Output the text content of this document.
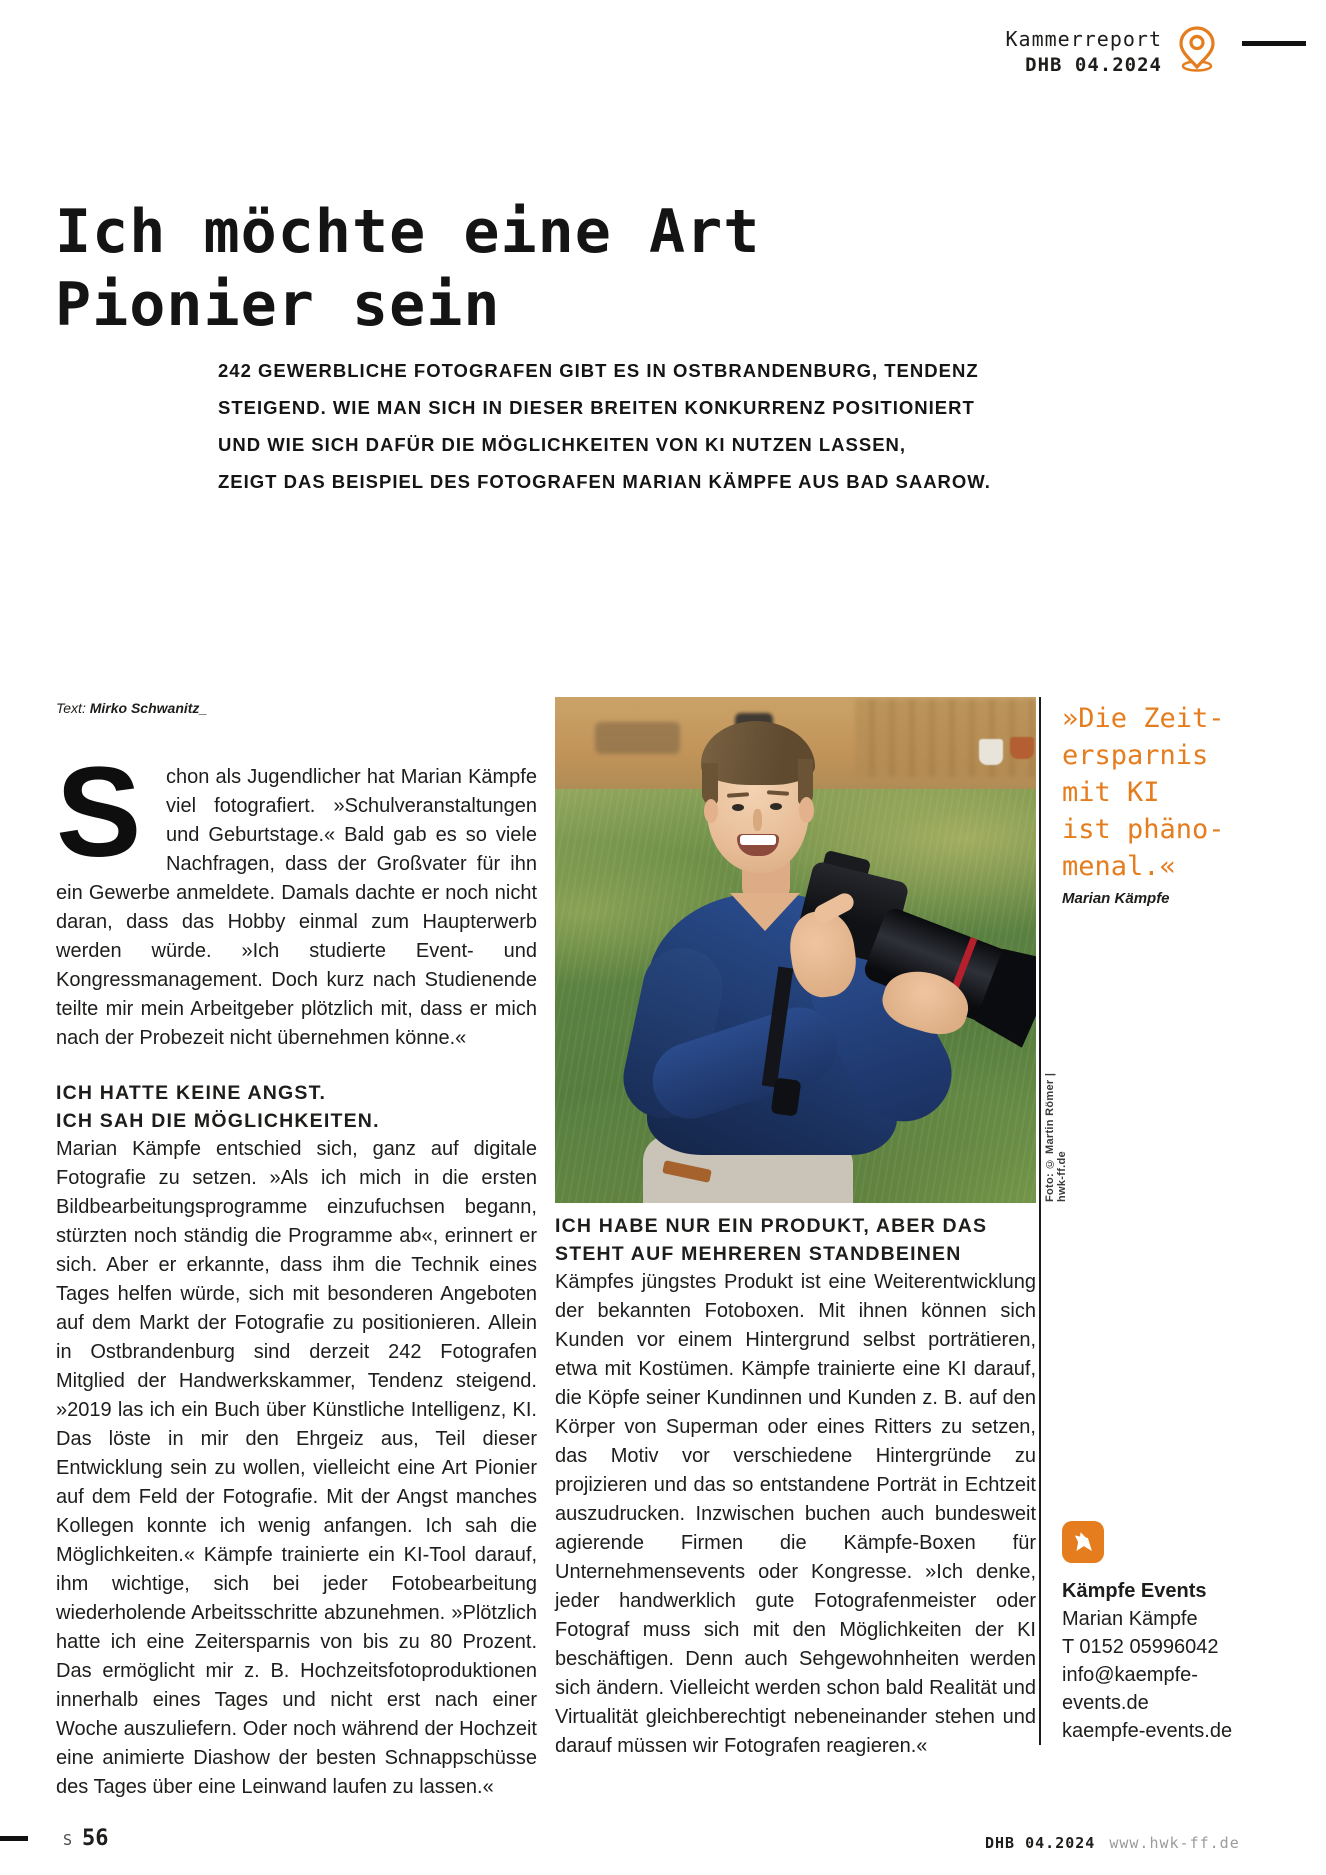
Kammerreport
DHB 04.2024
Ich möchte eine Art
Pionier sein
242 GEWERBLICHE FOTOGRAFEN GIBT ES IN OSTBRANDENBURG, TENDENZ
STEIGEND. WIE MAN SICH IN DIESER BREITEN KONKURRENZ POSITIONIERT
UND WIE SICH DAFÜR DIE MÖGLICHKEITEN VON KI NUTZEN LASSEN,
ZEIGT DAS BEISPIEL DES FOTOGRAFEN MARIAN KÄMPFE AUS BAD SAAROW.
Text: Mirko Schwanitz_

S	chon als Jugendlicher hat Marian Kämpfe viel fotografiert. »Schulveranstaltungen und Geburtstage.« Bald gab es so viele Nachfragen, dass der Großvater für ihn ein Gewerbe anmeldete. Damals dachte er noch nicht daran, dass das Hobby einmal zum Haupterwerb werden würde. »Ich studierte Event- und Kongressmanagement. Doch kurz nach Studienende teilte mir mein Arbeitgeber plötzlich mit, dass er mich nach der Probezeit nicht übernehmen könne.«

ICH HATTE KEINE ANGST.
ICH SAH DIE MÖGLICHKEITEN.

Marian Kämpfe entschied sich, ganz auf digitale Fotografie zu setzen. »Als ich mich in die ersten Bildbearbeitungsprogramme einzufuchsen begann, stürzten noch ständig die Programme ab«, erinnert er sich. Aber er erkannte, dass ihm die Technik eines Tages helfen würde, sich mit besonderen Angeboten auf dem Markt der Fotografie zu positionieren. Allein in Ostbrandenburg sind derzeit 242 Fotografen Mitglied der Handwerkskammer, Tendenz steigend. »2019 las ich ein Buch über Künstliche Intelligenz, KI. Das löste in mir den Ehrgeiz aus, Teil dieser Entwicklung sein zu wollen, vielleicht eine Art Pionier auf dem Feld der Fotografie. Mit der Angst manches Kollegen konnte ich wenig anfangen. Ich sah die Möglichkeiten.« Kämpfe trainierte ein KI-Tool darauf, ihm wichtige, sich bei jeder Fotobearbeitung wiederholende Arbeitsschritte abzunehmen. »Plötzlich hatte ich eine Zeitersparnis von bis zu 80 Prozent. Das ermöglicht mir z. B. Hochzeitsfotoproduktionen innerhalb eines Tages und nicht erst nach einer Woche auszuliefern. Oder noch während der Hochzeit eine animierte Diashow der besten Schnappschüsse des Tages über eine Leinwand laufen zu lassen.«

Foto: © Martin Römer | hwk-ff.de
»Die Zeit-
ersparnis
mit KI
ist phäno-
menal.«
Marian Kämpfe
ICH HABE NUR EIN PRODUKT, ABER DAS
STEHT AUF MEHREREN STANDBEINEN

Kämpfes jüngstes Produkt ist eine Weiterentwicklung der bekannten Fotoboxen. Mit ihnen können sich Kunden vor einem Hintergrund selbst porträtieren, etwa mit Kostümen. Kämpfe trainierte eine KI darauf, die Köpfe seiner Kundinnen und Kunden z. B. auf den Körper von Superman oder eines Ritters zu setzen, das Motiv vor verschiedene Hintergründe zu projizieren und das so entstandene Porträt in Echtzeit auszudrucken. Inzwischen buchen auch bundesweit agierende Firmen die Kämpfe-Boxen für Unternehmensevents oder Kongresse. »Ich denke, jeder handwerklich gute Fotografenmeister oder Fotograf muss sich mit den Möglichkeiten der KI beschäftigen. Denn auch Sehgewohnheiten werden sich ändern. Vielleicht werden schon bald Realität und Virtualität gleichberechtigt nebeneinander stehen und darauf müssen wir Fotografen reagieren.«

Kämpfe Events
Marian Kämpfe
T 0152 05996042
info@kaempfe-
events.de
kaempfe-events.de
S 56	DHB 04.2024 www.hwk-ff.de
